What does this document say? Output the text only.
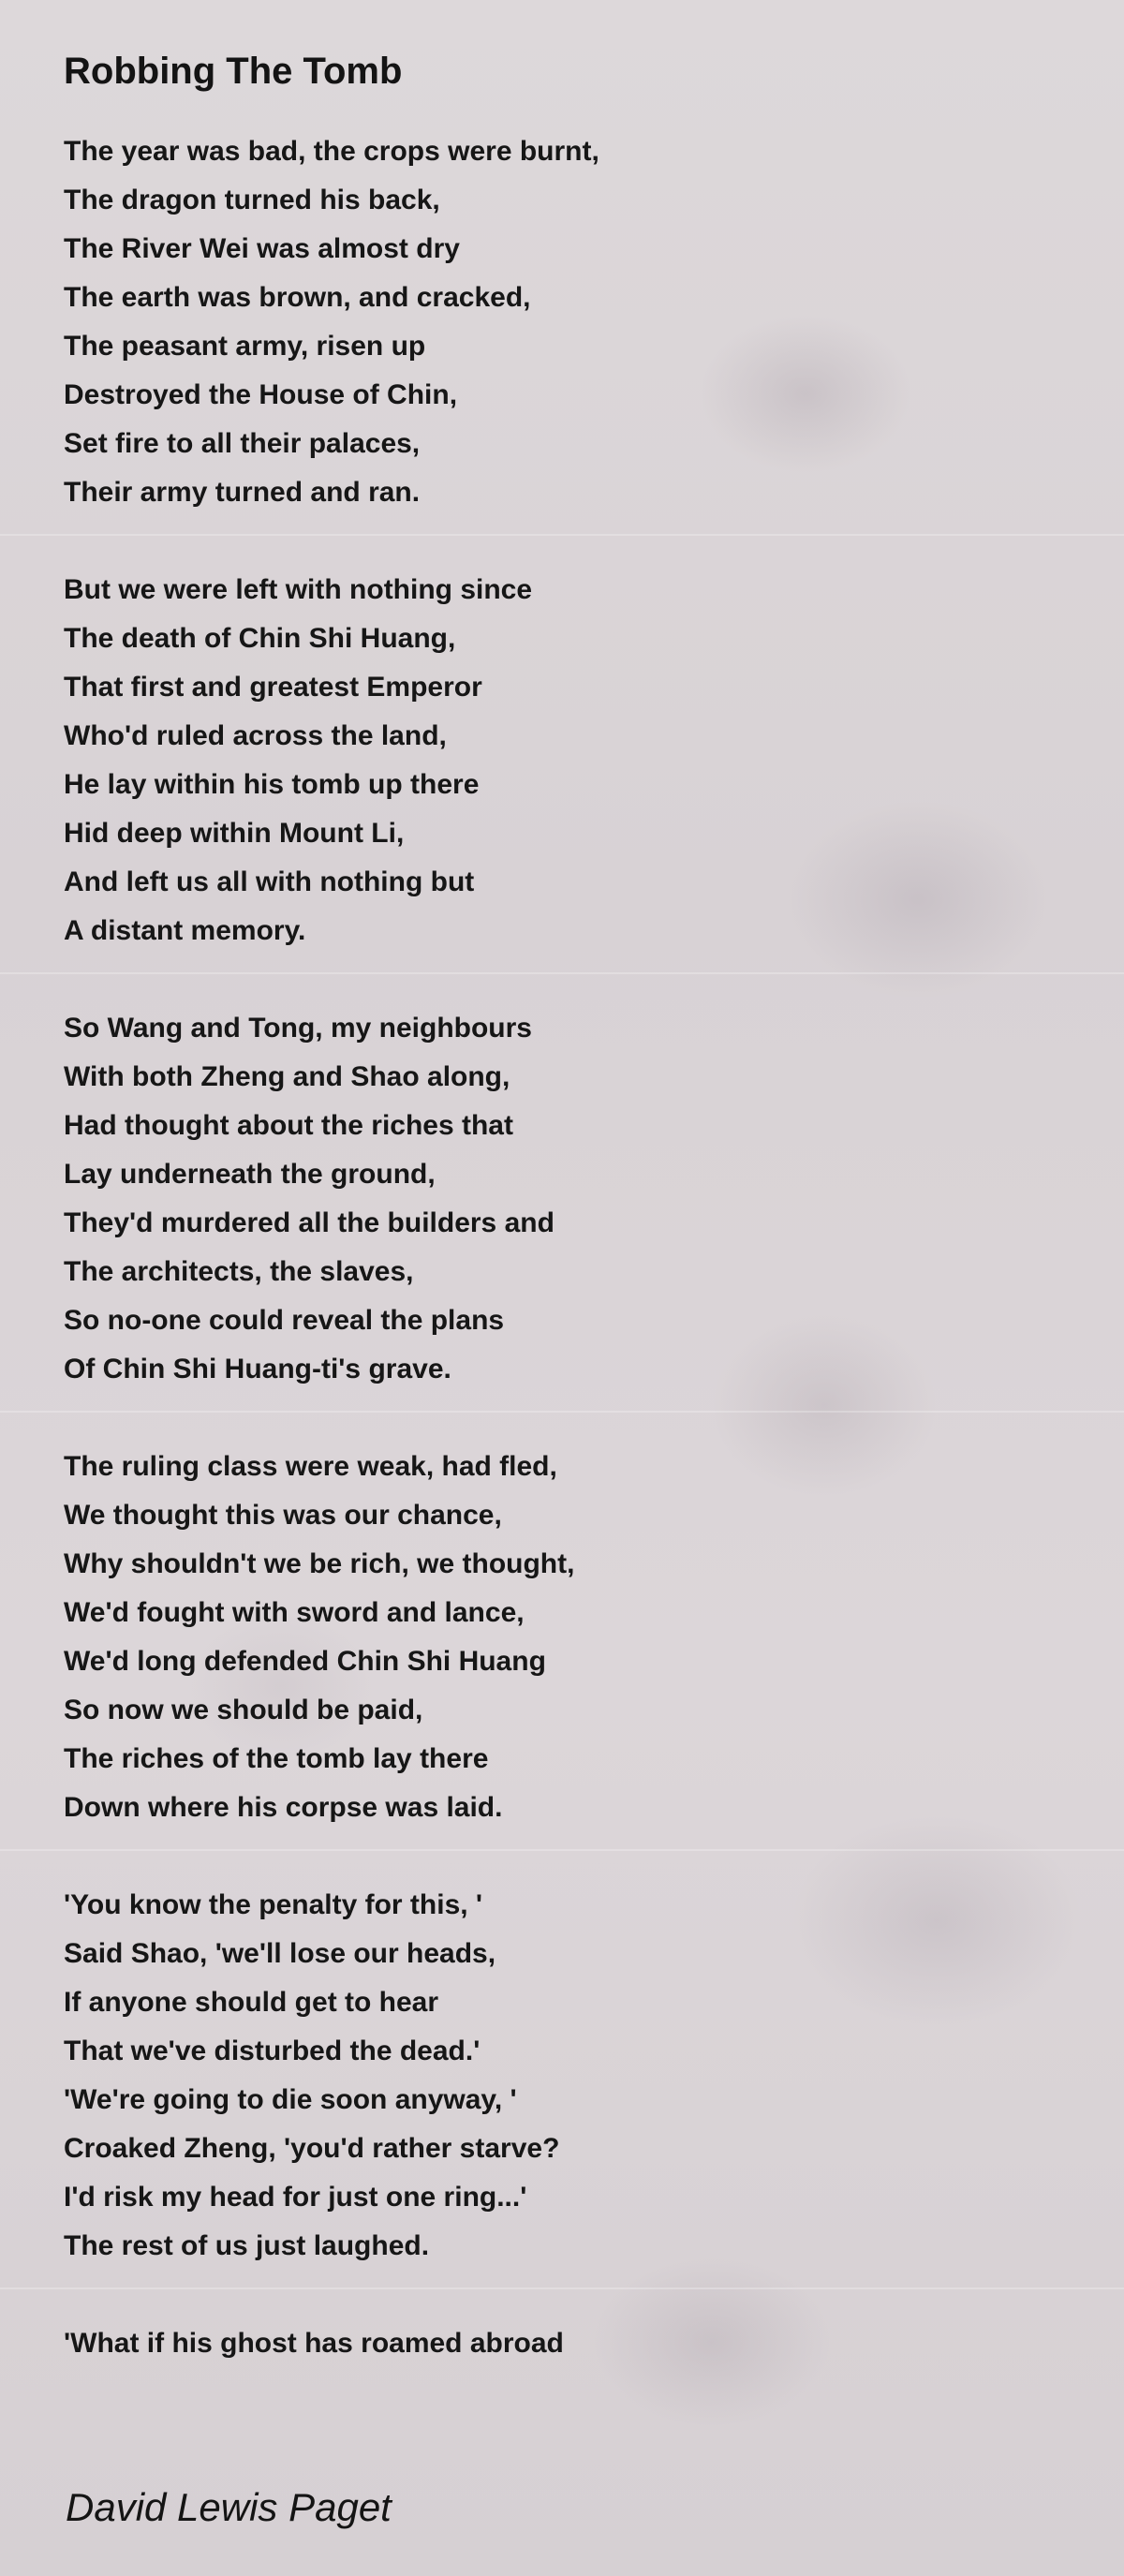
Robbing The Tomb
The year was bad, the crops were burnt,
The dragon turned his back,
The River Wei was almost dry
The earth was brown, and cracked,
The peasant army, risen up
Destroyed the House of Chin,
Set fire to all their palaces,
Their army turned and ran.
But we were left with nothing since
The death of Chin Shi Huang,
That first and greatest Emperor
Who'd ruled across the land,
He lay within his tomb up there
Hid deep within Mount Li,
And left us all with nothing but
A distant memory.
So Wang and Tong, my neighbours
With both Zheng and Shao along,
Had thought about the riches that
Lay underneath the ground,
They'd murdered all the builders and
The architects, the slaves,
So no-one could reveal the plans
Of Chin Shi Huang-ti's grave.
The ruling class were weak, had fled,
We thought this was our chance,
Why shouldn't we be rich, we thought,
We'd fought with sword and lance,
We'd long defended Chin Shi Huang
So now we should be paid,
The riches of the tomb lay there
Down where his corpse was laid.
'You know the penalty for this, '
Said Shao, 'we'll lose our heads,
If anyone should get to hear
That we've disturbed the dead.'
'We're going to die soon anyway, '
Croaked Zheng, 'you'd rather starve?
I'd risk my head for just one ring...'
The rest of us just laughed.
'What if his ghost has roamed abroad
David Lewis Paget
